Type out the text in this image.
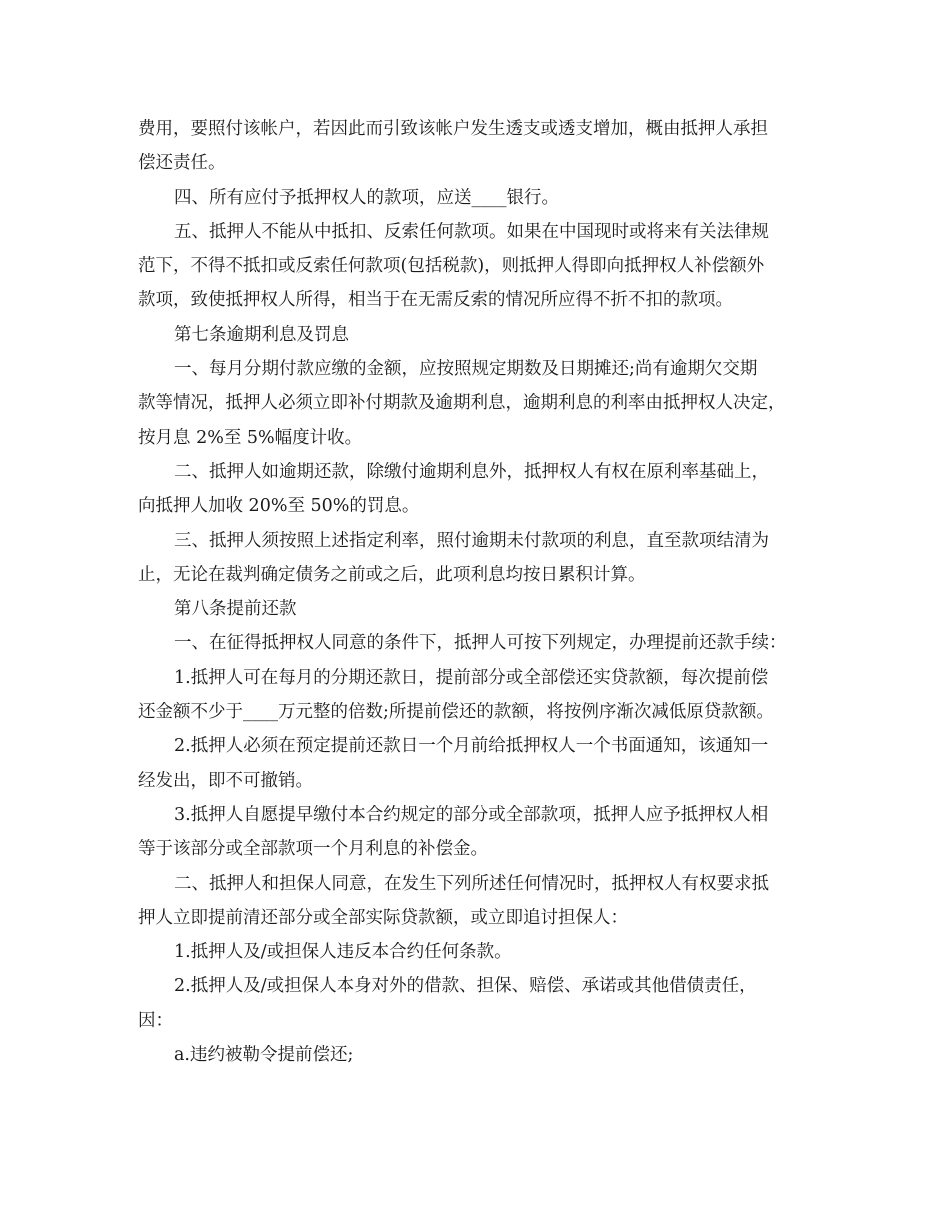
费用，要照付该帐户，若因此而引致该帐户发生透支或透支增加，概由抵押人承担
偿还责任。
四、所有应付予抵押权人的款项，应送____银行。
五、抵押人不能从中抵扣、反索任何款项。如果在中国现时或将来有关法律规
范下，不得不抵扣或反索任何款项(包括税款)，则抵押人得即向抵押权人补偿额外
款项，致使抵押权人所得，相当于在无需反索的情况所应得不折不扣的款项。
第七条逾期利息及罚息
一、每月分期付款应缴的金额，应按照规定期数及日期摊还;尚有逾期欠交期
款等情况，抵押人必须立即补付期款及逾期利息，逾期利息的利率由抵押权人决定，
按月息 2%至 5%幅度计收。
二、抵押人如逾期还款，除缴付逾期利息外，抵押权人有权在原利率基础上，
向抵押人加收 20%至 50%的罚息。
三、抵押人须按照上述指定利率，照付逾期未付款项的利息，直至款项结清为
止，无论在裁判确定债务之前或之后，此项利息均按日累积计算。
第八条提前还款
一、在征得抵押权人同意的条件下，抵押人可按下列规定，办理提前还款手续：
1.抵押人可在每月的分期还款日，提前部分或全部偿还实贷款额，每次提前偿
还金额不少于____万元整的倍数;所提前偿还的款额，将按例序渐次减低原贷款额。
2.抵押人必须在预定提前还款日一个月前给抵押权人一个书面通知，该通知一
经发出，即不可撤销。
3.抵押人自愿提早缴付本合约规定的部分或全部款项，抵押人应予抵押权人相
等于该部分或全部款项一个月利息的补偿金。
二、抵押人和担保人同意，在发生下列所述任何情况时，抵押权人有权要求抵
押人立即提前清还部分或全部实际贷款额，或立即追讨担保人：
1.抵押人及/或担保人违反本合约任何条款。
2.抵押人及/或担保人本身对外的借款、担保、赔偿、承诺或其他借债责任，
因：
a.违约被勒令提前偿还;
